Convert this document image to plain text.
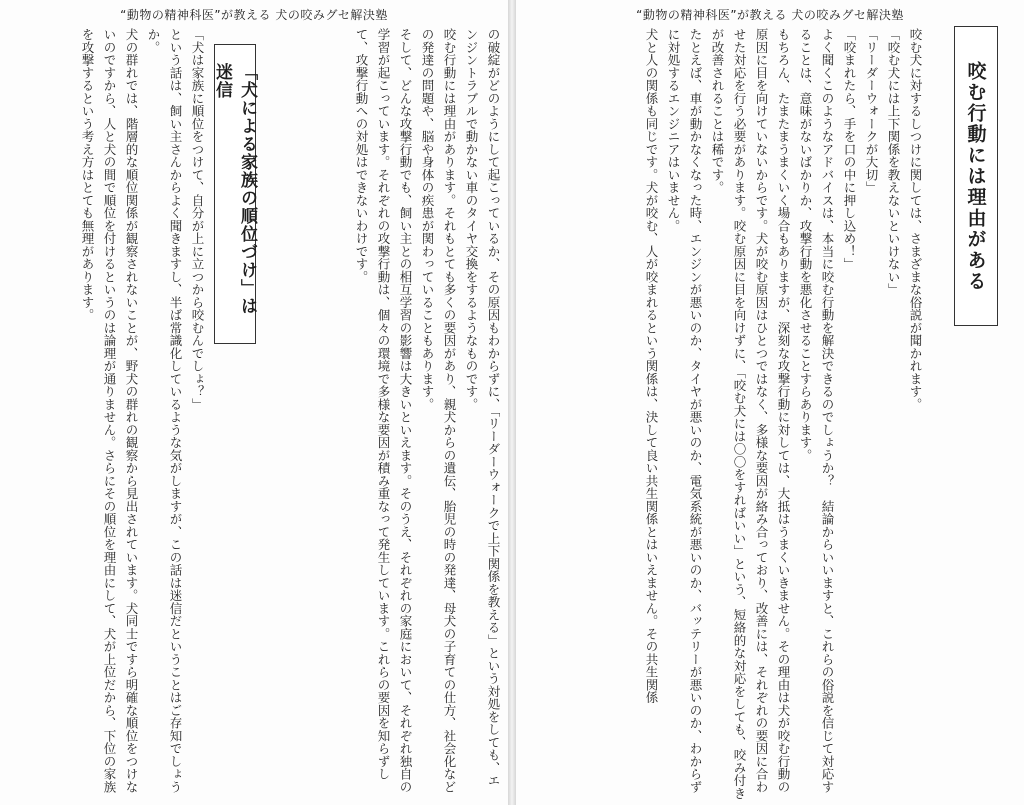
“動物の精神科医”が教える 犬の咬みグセ解決塾

の破綻がどのようにして起こっているか、その原因もわからずに、「リーダーウォークで上下関係を教える」という対処をしても、エンジントラブルで動かない車のタイヤ交換をするようなものです。

咬む行動には理由があります。それもとても多くの要因があり、親犬からの遺伝、胎児の時の発達、母犬の子育ての仕方、社会化などの発達の問題や、脳や身体の疾患が関わっていることもあります。

そして、どんな攻撃行動でも、飼い主との相互学習の影響は大きいといえます。そのうえ、それぞれの家庭において、それぞれ独自の学習が起こっています。それぞれの攻撃行動は、個々の環境で多様な要因が積み重なって発生しています。これらの要因を知らずして、攻撃行動への対処はできないわけです。

「犬による家族の順位づけ」は迷信

「犬は家族に順位をつけて、自分が上に立つから咬むんでしょ？」

という話は、飼い主さんからよく聞きますし、半ば常識化しているような気がしますが、この話は迷信だということはご存知でしょうか。

犬の群れでは、階層的な順位関係が観察されないことが、野犬の群れの観察から見出されています。犬同士ですら明確な順位をつけないのですから、人と犬の間で順位を付けるというのは論理が通りません。さらにその順位を理由にして、犬が上位だから、下位の家族を攻撃するという考え方はとても無理があります。

“動物の精神科医”が教える 犬の咬みグセ解決塾
咬む行動には理由がある

咬む犬に対するしつけに関しては、さまざまな俗説が聞かれます。

「咬む犬には上下関係を教えないといけない」

「リーダーウォークが大切」

「咬まれたら、手を口の中に押し込め！」

よく聞くこのようなアドバイスは、本当に咬む行動を解決できるのでしょうか？　結論からいいますと、これらの俗説を信じて対応することは、意味がないばかりか、攻撃行動を悪化させることすらあります。

もちろん、たまたまうまくいく場合もありますが、深刻な攻撃行動に対しては、大抵はうまくいきません。その理由は犬が咬む行動の原因に目を向けていないからです。犬が咬む原因はひとつではなく、多様な要因が絡み合っており、改善には、それぞれの要因に合わせた対応を行う必要があります。咬む原因に目を向けずに、「咬む犬には〇〇をすればいい」という、短絡的な対応をしても、咬み付きが改善されることは稀です。

たとえば、車が動かなくなった時、エンジンが悪いのか、タイヤが悪いのか、電気系統が悪いのか、バッテリーが悪いのか、わからずに対処するエンジニアはいません。

犬と人の関係も同じです。犬が咬む、人が咬まれるという関係は、決して良い共生関係とはいえません。その共生関係
